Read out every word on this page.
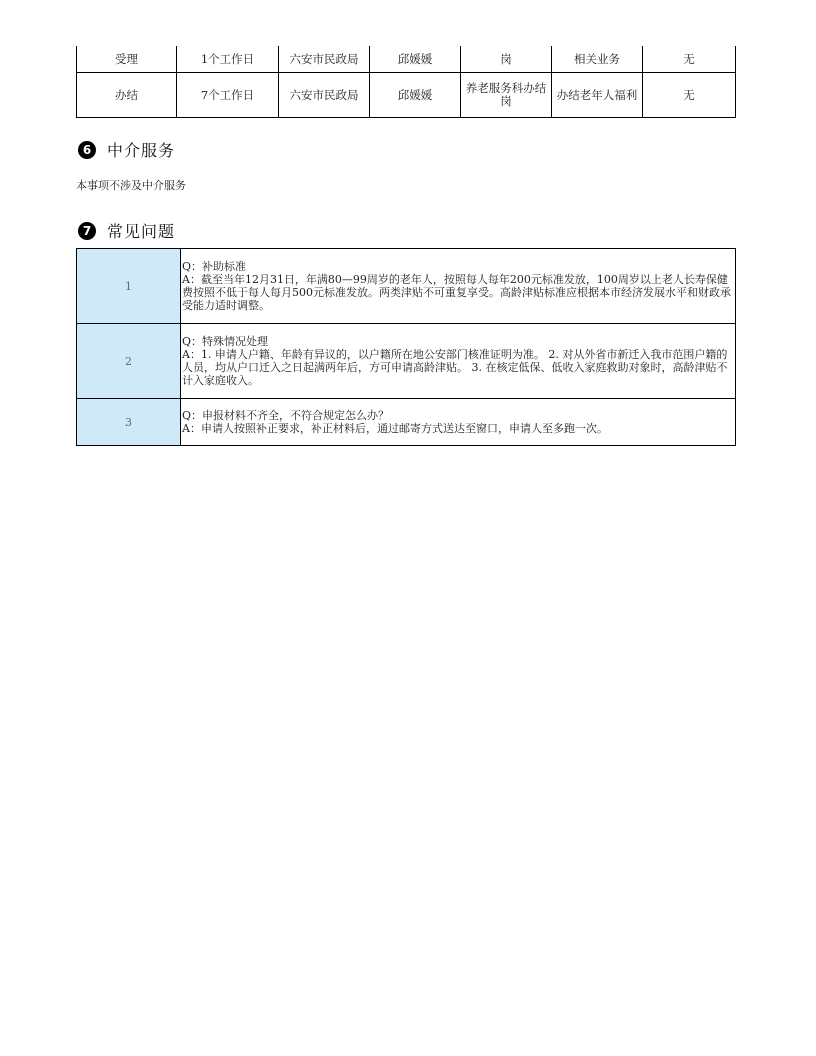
受理	1个工作日	六安市民政局	邱媛媛	岗	相关业务	无
办结	7个工作日	六安市民政局	邱媛媛	养老服务科办结岗	办结老年人福利	无
6 中介服务
本事项不涉及中介服务
7 常见问题
1	Q：补助标准
A：截至当年12月31日，年满80—99周岁的老年人，按照每人每年200元标准发放，100周岁以上老人长寿保健费按照不低于每人每月500元标准发放。两类津贴不可重复享受。高龄津贴标准应根据本市经济发展水平和财政承受能力适时调整。

2	Q：特殊情况处理
A：1. 申请人户籍、年龄有异议的，以户籍所在地公安部门核准证明为准。 2. 对从外省市新迁入我市范围户籍的人员，均从户口迁入之日起满两年后，方可申请高龄津贴。 3. 在核定低保、低收入家庭救助对象时，高龄津贴不计入家庭收入。

3	Q：申报材料不齐全，不符合规定怎么办？
A：申请人按照补正要求，补正材料后，通过邮寄方式送达至窗口，申请人至多跑一次。
